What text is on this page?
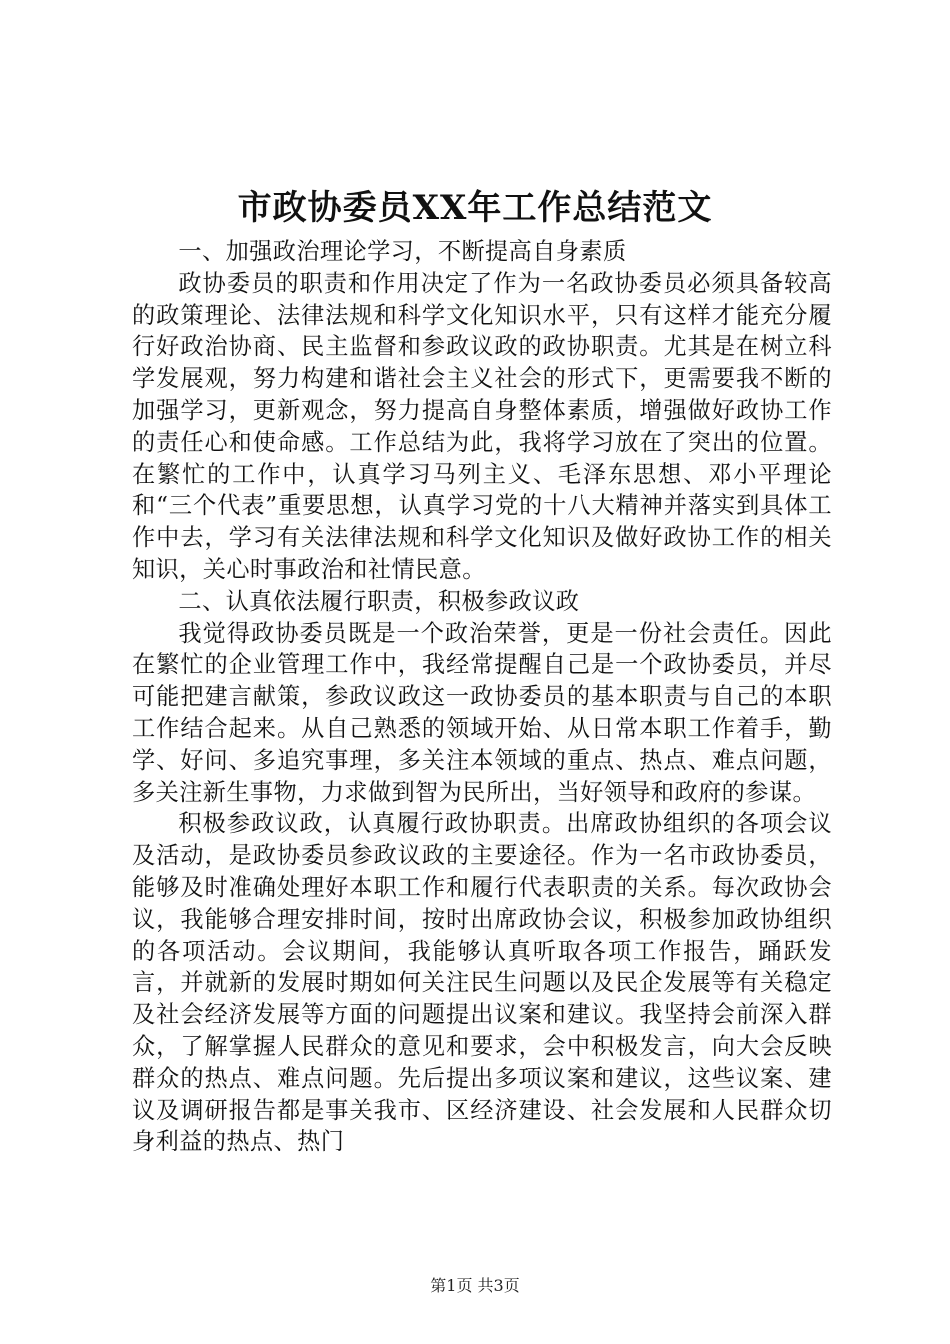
市政协委员XX年工作总结范文

一、加强政治理论学习，不断提高自身素质

政协委员的职责和作用决定了作为一名政协委员必须具备较高的政策理论、法律法规和科学文化知识水平，只有这样才能充分履行好政治协商、民主监督和参政议政的政协职责。尤其是在树立科学发展观，努力构建和谐社会主义社会的形式下，更需要我不断的加强学习，更新观念，努力提高自身整体素质，增强做好政协工作的责任心和使命感。工作总结为此，我将学习放在了突出的位置。在繁忙的工作中，认真学习马列主义、毛泽东思想、邓小平理论和“三个代表”重要思想，认真学习党的十八大精神并落实到具体工作中去，学习有关法律法规和科学文化知识及做好政协工作的相关知识，关心时事政治和社情民意。

二、认真依法履行职责，积极参政议政

我觉得政协委员既是一个政治荣誉，更是一份社会责任。因此在繁忙的企业管理工作中，我经常提醒自己是一个政协委员，并尽可能把建言献策，参政议政这一政协委员的基本职责与自己的本职工作结合起来。从自己熟悉的领域开始、从日常本职工作着手，勤学、好问、多追究事理，多关注本领域的重点、热点、难点问题，多关注新生事物，力求做到智为民所出，当好领导和政府的参谋。

积极参政议政，认真履行政协职责。出席政协组织的各项会议及活动，是政协委员参政议政的主要途径。作为一名市政协委员，能够及时准确处理好本职工作和履行代表职责的关系。每次政协会议，我能够合理安排时间，按时出席政协会议，积极参加政协组织的各项活动。会议期间，我能够认真听取各项工作报告，踊跃发言，并就新的发展时期如何关注民生问题以及民企发展等有关稳定及社会经济发展等方面的问题提出议案和建议。我坚持会前深入群众，了解掌握人民群众的意见和要求，会中积极发言，向大会反映群众的热点、难点问题。先后提出多项议案和建议，这些议案、建议及调研报告都是事关我市、区经济建设、社会发展和人民群众切身利益的热点、热门

第1页 共3页
